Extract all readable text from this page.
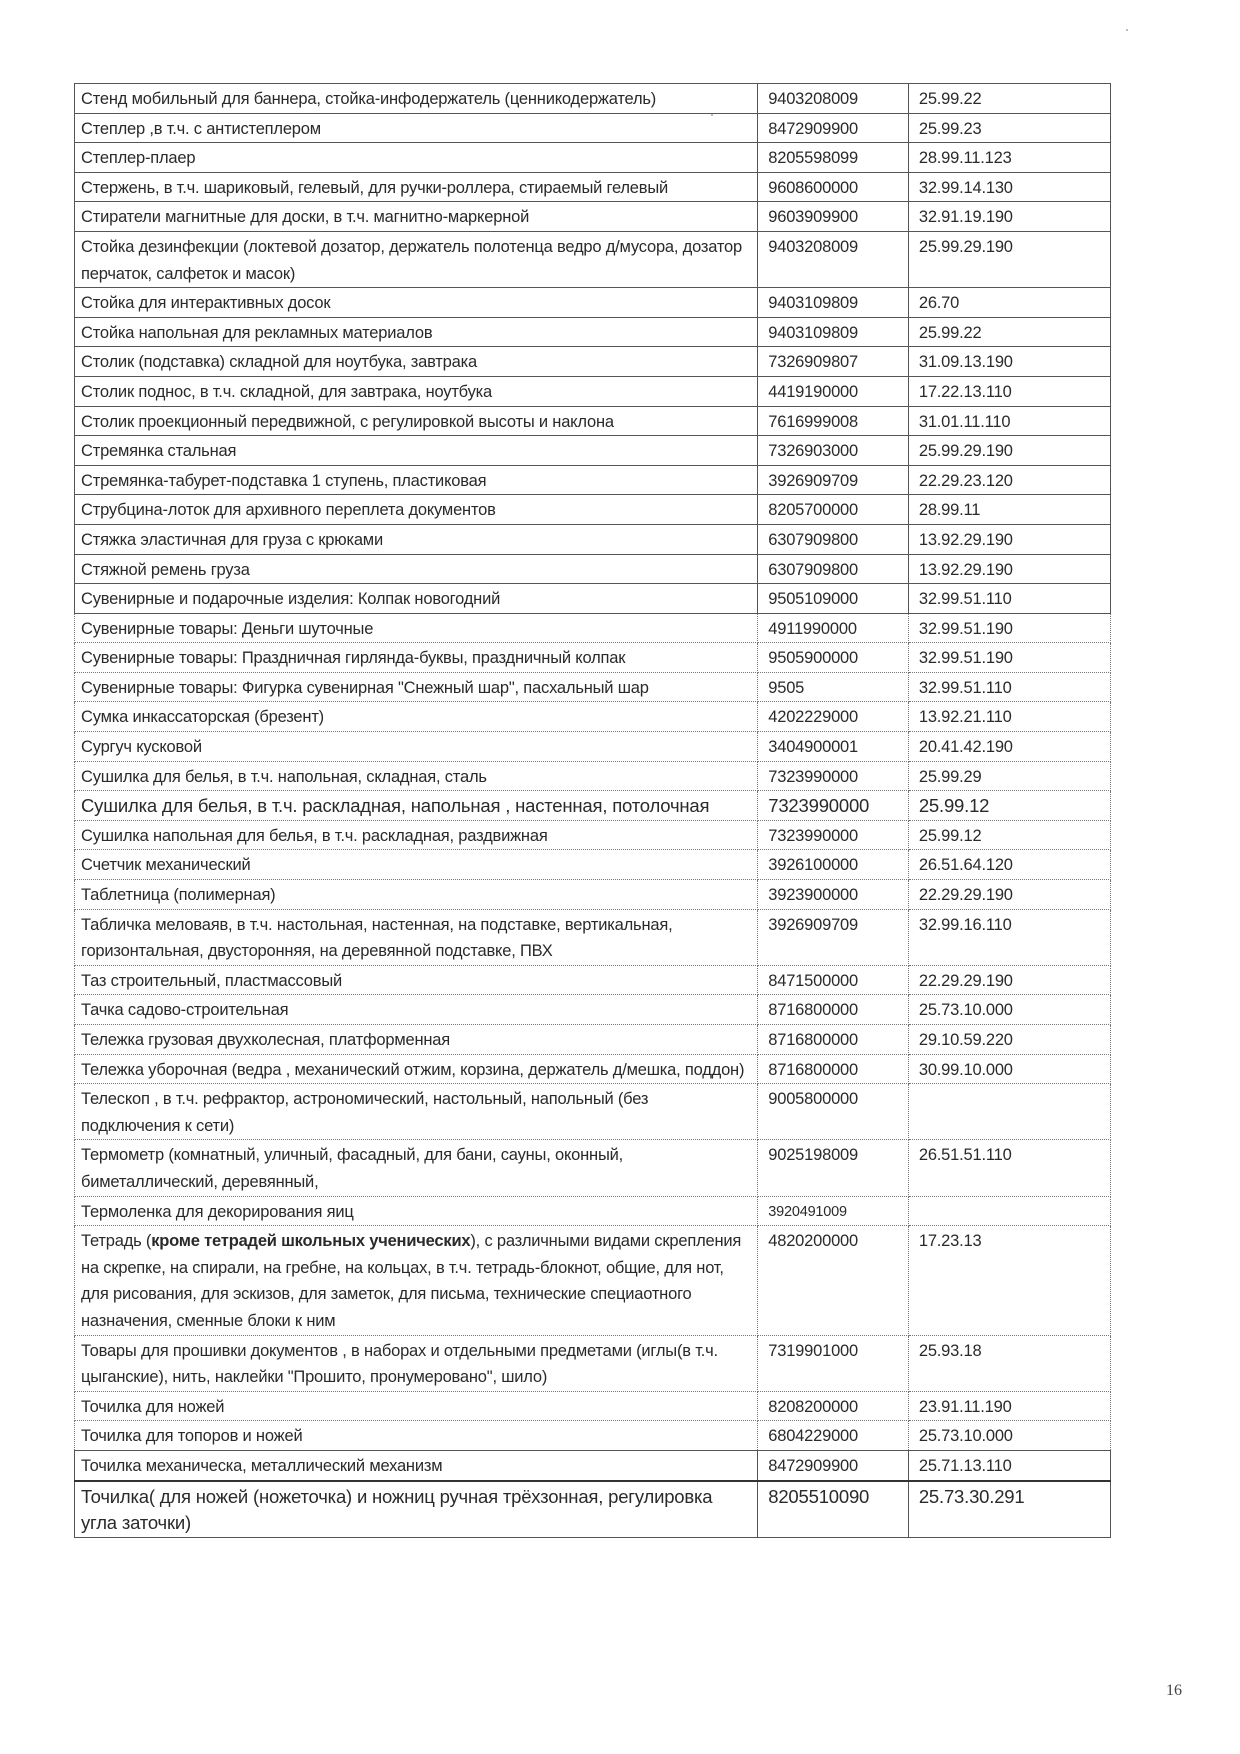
Стенд мобильный для баннера, стойка-инфодержатель (ценникодержатель)	9403208009	25.99.22
Степлер ,в т.ч. с антистеплером	8472909900	25.99.23
Степлер-плаер	8205598099	28.99.11.123
Стержень, в т.ч. шариковый, гелевый, для ручки-роллера, стираемый гелевый	9608600000	32.99.14.130
Стиратели магнитные для доски, в т.ч. магнитно-маркерной	9603909900	32.91.19.190
Стойка дезинфекции (локтевой дозатор, держатель полотенца ведро д/мусора, дозатор перчаток, салфеток и масок)	9403208009	25.99.29.190
Стойка для интерактивных досок	9403109809	26.70
Стойка напольная для рекламных материалов	9403109809	25.99.22
Столик (подставка) складной для ноутбука, завтрака	7326909807	31.09.13.190
Столик поднос, в т.ч. складной, для завтрака, ноутбука	4419190000	17.22.13.110
Столик проекционный передвижной, с регулировкой высоты и наклона	7616999008	31.01.11.110
Стремянка стальная	7326903000	25.99.29.190
Стремянка-табурет-подставка 1 ступень, пластиковая	3926909709	22.29.23.120
Струбцина-лоток для архивного переплета документов	8205700000	28.99.11
Стяжка эластичная для груза с крюками	6307909800	13.92.29.190
Стяжной ремень груза	6307909800	13.92.29.190
Сувенирные и подарочные изделия: Колпак новогодний	9505109000	32.99.51.110
Сувенирные товары: Деньги шуточные	4911990000	32.99.51.190
Сувенирные товары: Праздничная гирлянда-буквы, праздничный колпак	9505900000	32.99.51.190
Сувенирные товары: Фигурка сувенирная "Снежный шар", пасхальный шар	9505	32.99.51.110
Сумка инкассаторская (брезент)	4202229000	13.92.21.110
Сургуч кусковой	3404900001	20.41.42.190
Сушилка для белья, в т.ч. напольная, складная, сталь	7323990000	25.99.29
Сушилка для белья, в т.ч. раскладная, напольная , настенная, потолочная	7323990000	25.99.12
Сушилка напольная для белья, в т.ч. раскладная, раздвижная	7323990000	25.99.12
Счетчик механический	3926100000	26.51.64.120
Таблетница (полимерная)	3923900000	22.29.29.190
Табличка меловаяв, в т.ч. настольная, настенная, на подставке, вертикальная, горизонтальная, двусторонняя, на деревянной подставке, ПВХ	3926909709	32.99.16.110
Таз строительный, пластмассовый	8471500000	22.29.29.190
Тачка садово-строительная	8716800000	25.73.10.000
Тележка грузовая двухколесная, платформенная	8716800000	29.10.59.220
Тележка уборочная (ведра , механический отжим, корзина, держатель д/мешка, поддон)	8716800000	30.99.10.000
Телескоп , в т.ч. рефрактор, астрономический, настольный, напольный (без подключения к сети)	9005800000	
Термометр (комнатный, уличный, фасадный, для бани, сауны, оконный, биметаллический, деревянный,	9025198009	26.51.51.110
Термоленка для декорирования яиц	3920491009	
Тетрадь (кроме тетрадей школьных ученических), с различными видами скрепления на скрепке, на спирали, на гребне, на кольцах, в т.ч. тетрадь-блокнот, общие, для нот, для рисования, для эскизов, для заметок, для письма, технические специаотного назначения, сменные блоки к ним	4820200000	17.23.13
Товары для прошивки документов , в наборах и отдельными предметами (иглы(в т.ч. цыганские), нить, наклейки "Прошито, пронумеровано", шило)	7319901000	25.93.18
Точилка для ножей	8208200000	23.91.11.190
Точилка для топоров и ножей	6804229000	25.73.10.000
Точилка механическа, металлический механизм	8472909900	25.71.13.110
Точилка( для ножей (ножеточка) и ножниц ручная трёхзонная, регулировка угла заточки)	8205510090	25.73.30.291
16
